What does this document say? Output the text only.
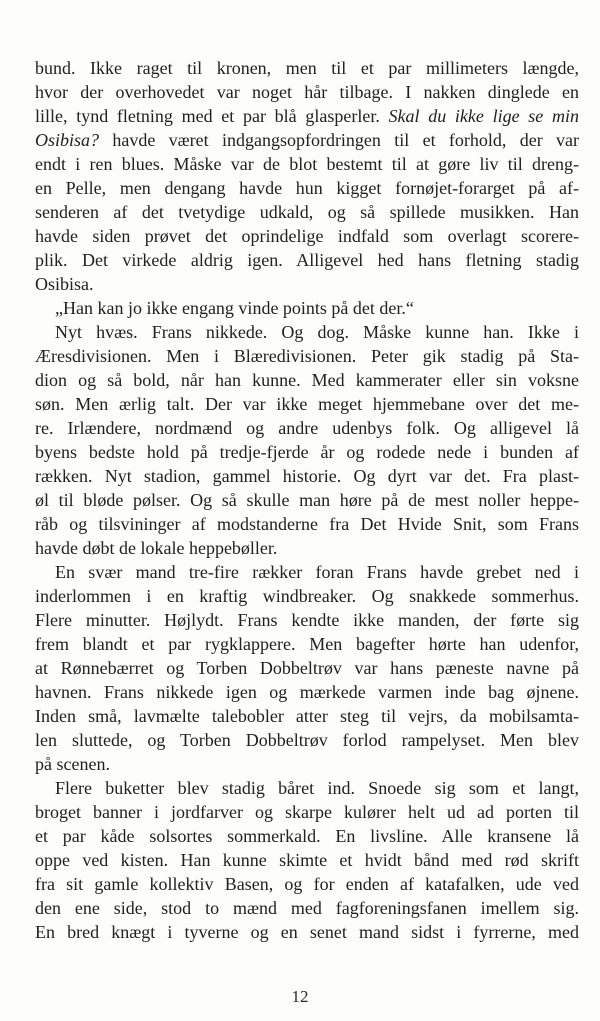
bund. Ikke raget til kronen, men til et par millimeters længde,
hvor der overhovedet var noget hår tilbage. I nakken dinglede en
lille, tynd fletning med et par blå glasperler. Skal du ikke lige se min
Osibisa? havde været indgangsopfordringen til et forhold, der var
endt i ren blues. Måske var de blot bestemt til at gøre liv til dreng-
en Pelle, men dengang havde hun kigget fornøjet-forarget på af-
senderen af det tvetydige udkald, og så spillede musikken. Han
havde siden prøvet det oprindelige indfald som overlagt scorere-
plik. Det virkede aldrig igen. Alligevel hed hans fletning stadig
Osibisa.
„Han kan jo ikke engang vinde points på det der.“
Nyt hvæs. Frans nikkede. Og dog. Måske kunne han. Ikke i
Æresdivisionen. Men i Blæredivisionen. Peter gik stadig på Sta-
dion og så bold, når han kunne. Med kammerater eller sin voksne
søn. Men ærlig talt. Der var ikke meget hjemmebane over det me-
re. Irlændere, nordmænd og andre udenbys folk. Og alligevel lå
byens bedste hold på tredje-fjerde år og rodede nede i bunden af
rækken. Nyt stadion, gammel historie. Og dyrt var det. Fra plast-
øl til bløde pølser. Og så skulle man høre på de mest noller heppe-
råb og tilsvininger af modstanderne fra Det Hvide Snit, som Frans
havde døbt de lokale heppebøller.
En svær mand tre-fire rækker foran Frans havde grebet ned i
inderlommen i en kraftig windbreaker. Og snakkede sommerhus.
Flere minutter. Højlydt. Frans kendte ikke manden, der førte sig
frem blandt et par rygklappere. Men bagefter hørte han udenfor,
at Rønnebærret og Torben Dobbeltrøv var hans pæneste navne på
havnen. Frans nikkede igen og mærkede varmen inde bag øjnene.
Inden små, lavmælte talebobler atter steg til vejrs, da mobilsamta-
len sluttede, og Torben Dobbeltrøv forlod rampelyset. Men blev
på scenen.
Flere buketter blev stadig båret ind. Snoede sig som et langt,
broget banner i jordfarver og skarpe kulører helt ud ad porten til
et par kåde solsortes sommerkald. En livsline. Alle kransene lå
oppe ved kisten. Han kunne skimte et hvidt bånd med rød skrift
fra sit gamle kollektiv Basen, og for enden af katafalken, ude ved
den ene side, stod to mænd med fagforeningsfanen imellem sig.
En bred knægt i tyverne og en senet mand sidst i fyrrerne, med
12
